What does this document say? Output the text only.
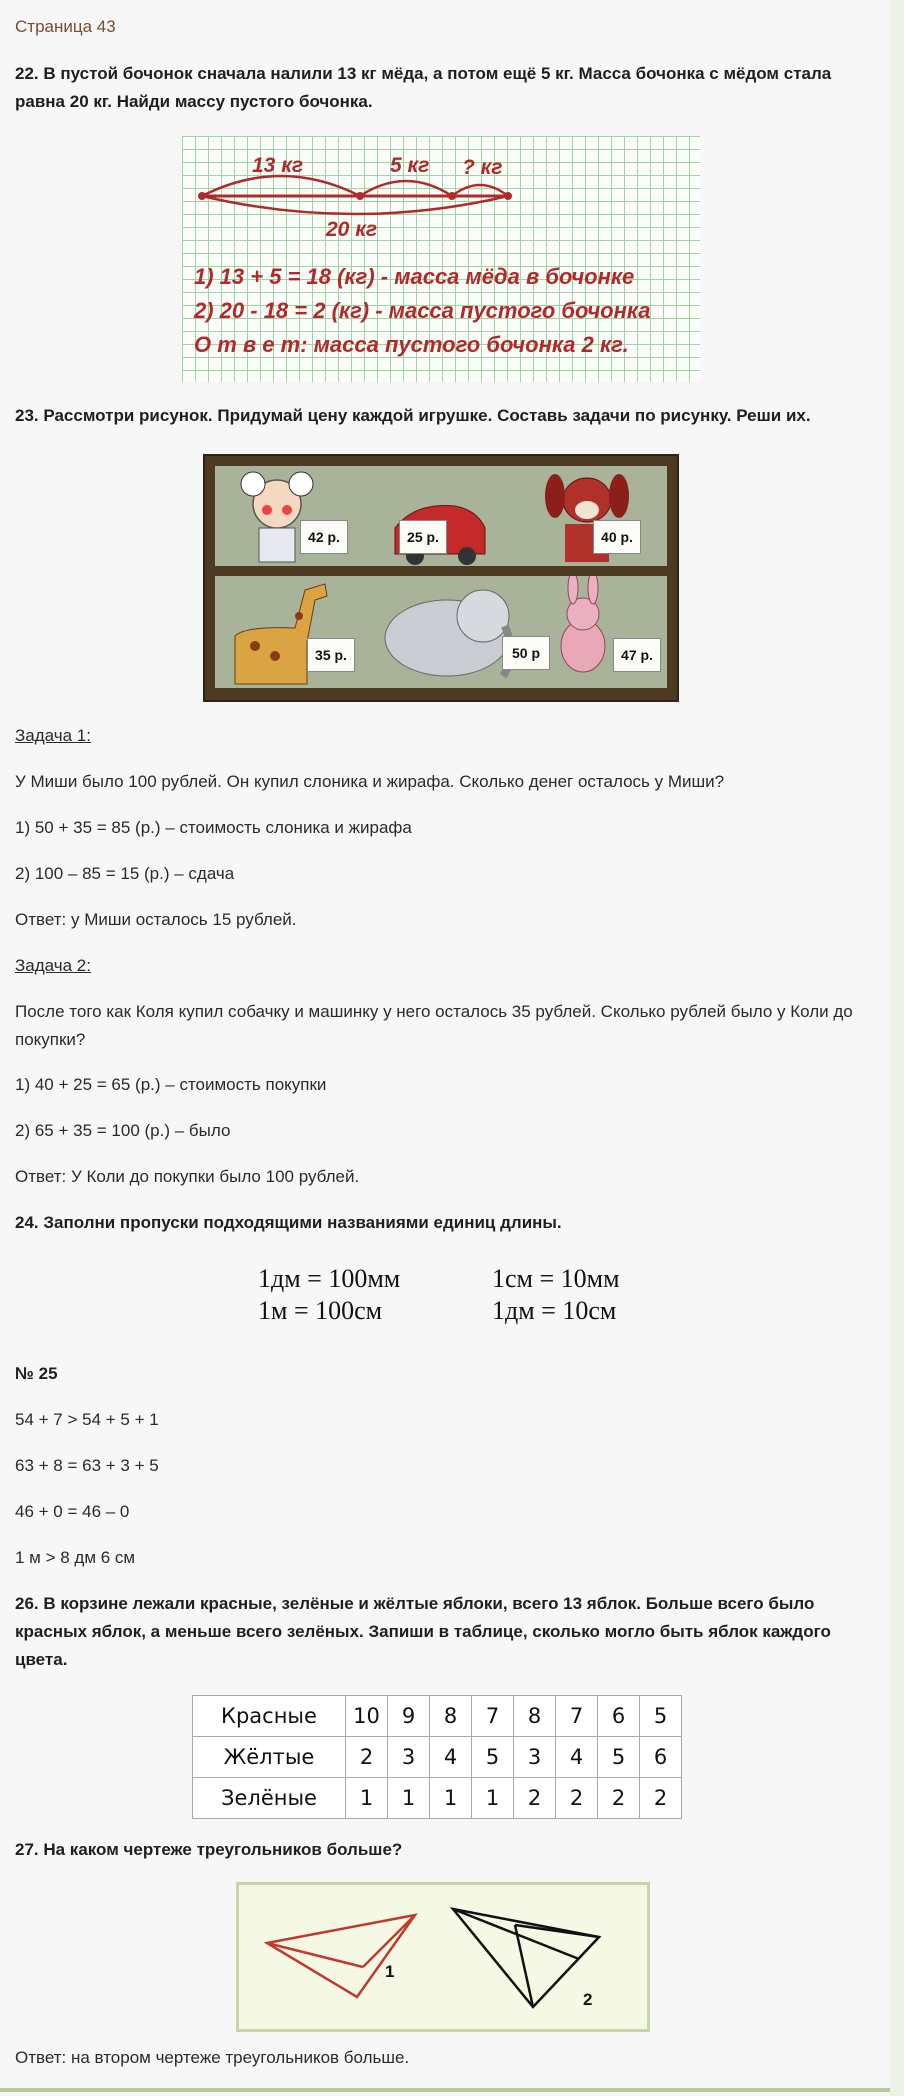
Страница 43
22. В пустой бочонок сначала налили 13 кг мёда, а потом ещё 5 кг. Масса бочонка с мёдом стала равна 20 кг. Найди массу пустого бочонка.
13 кг	5 кг ? кг
20 кг
1) 13 + 5 = 18 (кг) - масса мёда в бочонке
2) 20 - 18 = 2 (кг) - масса пустого бочонка
О т в е т: масса пустого бочонка 2 кг.
23. Рассмотри рисунок. Придумай цену каждой игрушке. Составь задачи по рисунку. Реши их.
42 р.	25 р.	40 р.
35 р.	50 р	47 р.
Задача 1:
У Миши было 100 рублей. Он купил слоника и жирафа. Сколько денег осталось у Миши?
1) 50 + 35 = 85 (р.) – стоимость слоника и жирафа
2) 100 – 85 = 15 (р.) – сдача
Ответ: у Миши осталось 15 рублей.
Задача 2:
После того как Коля купил собачку и машинку у него осталось 35 рублей. Сколько рублей было у Коли до покупки?
1) 40 + 25 = 65 (р.) – стоимость покупки
2) 65 + 35 = 100 (р.) – было
Ответ: У Коли до покупки было 100 рублей.
24. Заполни пропуски подходящими названиями единиц длины.
1дм = 100мм
1м = 100см
1см = 10мм
1дм = 10см
№ 25
54 + 7 > 54 + 5 + 1
63 + 8 = 63 + 3 + 5
46 + 0 = 46 – 0
1 м > 8 дм 6 см
26. В корзине лежали красные, зелёные и жёлтые яблоки, всего 13 яблок. Больше всего было красных яблок, а меньше всего зелёных. Запиши в таблице, сколько могло быть яблок каждого цвета.
Красные	10	9	8	7	8	7	6	5
Жёлтые	2	3	4	5	3	4	5	6
Зелёные	1	1	1	1	2	2	2	2
27. На каком чертеже треугольников больше?
1
2
Ответ: на втором чертеже треугольников больше.
